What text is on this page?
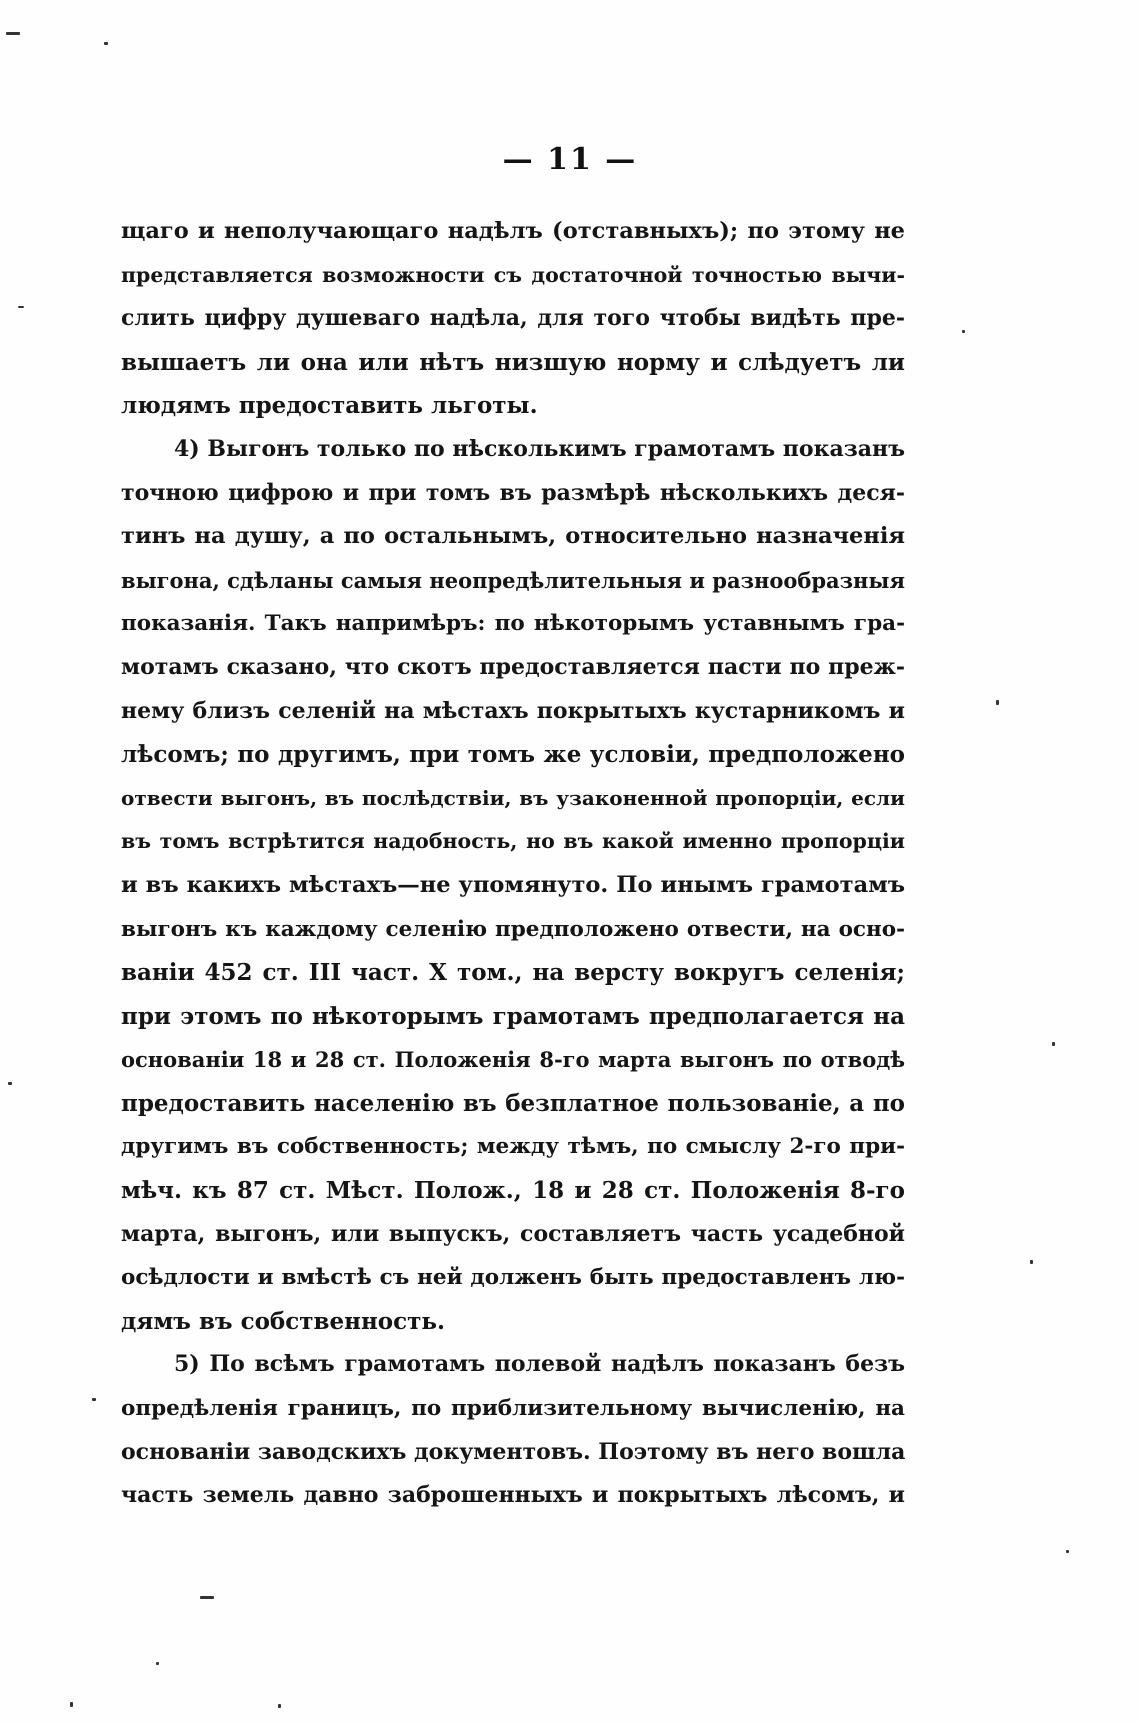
— 11 —
щаго и неполучающаго надѣлъ (отставныхъ); по этому не
представляется возможности съ достаточной точностью вычи-
слить цифру душеваго надѣла, для того чтобы видѣть пре-
вышаетъ ли она или нѣтъ низшую норму и слѣдуетъ ли
людямъ предоставить льготы.
4) Выгонъ только по нѣсколькимъ грамотамъ показанъ
точною цифрою и при томъ въ размѣрѣ нѣсколькихъ деся-
тинъ на душу, а по остальнымъ, относительно назначенія
выгона, сдѣланы самыя неопредѣлительныя и разнообразныя
показанія. Такъ напримѣръ: по нѣкоторымъ уставнымъ гра-
мотамъ сказано, что скотъ предоставляется пасти по преж-
нему близъ селеній на мѣстахъ покрытыхъ кустарникомъ и
лѣсомъ; по другимъ, при томъ же условіи, предположено
отвести выгонъ, въ послѣдствіи, въ узаконенной пропорціи, если
въ томъ встрѣтится надобность, но въ какой именно пропорціи
и въ какихъ мѣстахъ—не упомянуто. По инымъ грамотамъ
выгонъ къ каждому селенію предположено отвести, на осно-
ваніи 452 ст. III част. X том., на версту вокругъ селенія;
при этомъ по нѣкоторымъ грамотамъ предполагается на
основаніи 18 и 28 ст. Положенія 8-го марта выгонъ по отводѣ
предоставить населенію въ безплатное пользованіе, а по
другимъ въ собственность; между тѣмъ, по смыслу 2-го при-
мѣч. къ 87 ст. Мѣст. Полож., 18 и 28 ст. Положенія 8-го
марта, выгонъ, или выпускъ, составляетъ часть усадебной
осѣдлости и вмѣстѣ съ ней долженъ быть предоставленъ лю-
дямъ въ собственность.
5) По всѣмъ грамотамъ полевой надѣлъ показанъ безъ
опредѣленія границъ, по приблизительному вычисленію, на
основаніи заводскихъ документовъ. Поэтому въ него вошла
часть земель давно заброшенныхъ и покрытыхъ лѣсомъ, и
